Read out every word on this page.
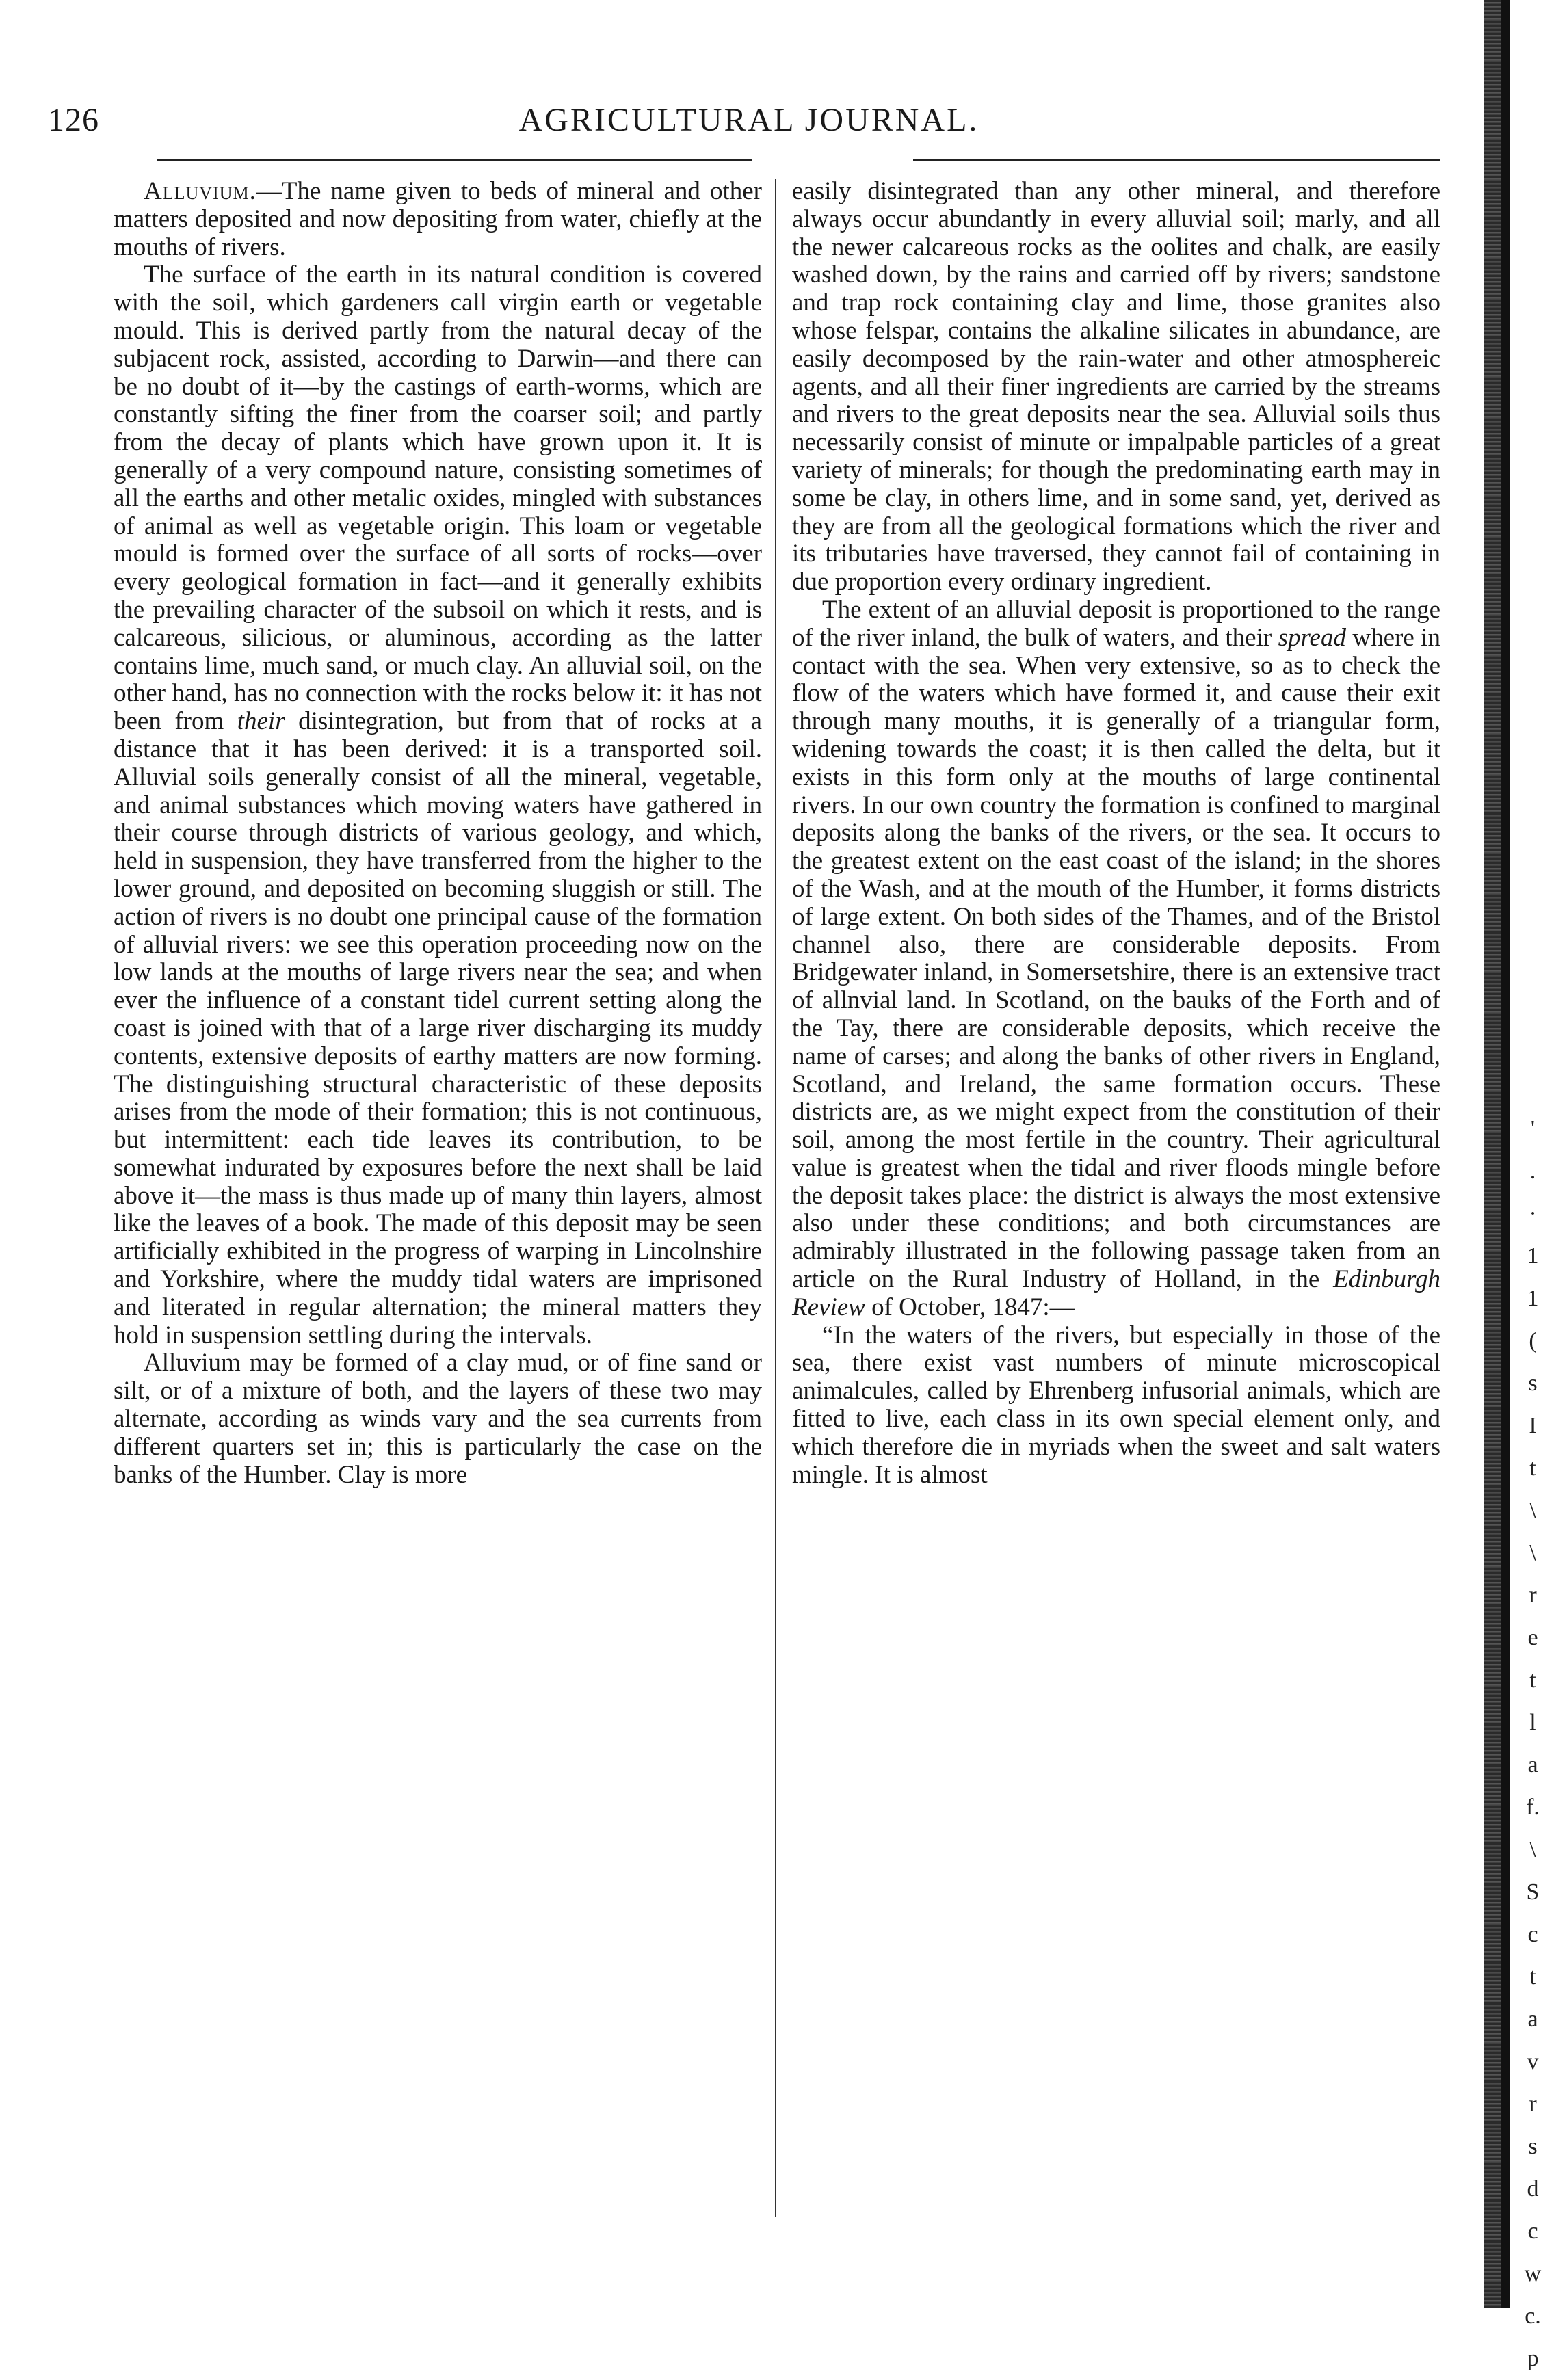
126	AGRICULTURAL JOURNAL.

Alluvium.—The name given to beds of mineral and other matters deposited and now depositing from water, chiefly at the mouths of rivers.

The surface of the earth in its natural condition is covered with the soil, which gardeners call virgin earth or vegetable mould. This is derived partly from the natural decay of the subjacent rock, assisted, according to Darwin—and there can be no doubt of it—by the castings of earth-worms, which are constantly sifting the finer from the coarser soil; and partly from the decay of plants which have grown upon it. It is generally of a very compound nature, consisting sometimes of all the earths and other metalic oxides, mingled with substances of animal as well as vegetable origin. This loam or vegetable mould is formed over the surface of all sorts of rocks—over every geological formation in fact—and it generally exhibits the prevailing character of the subsoil on which it rests, and is calcareous, silicious, or aluminous, according as the latter contains lime, much sand, or much clay. An alluvial soil, on the other hand, has no connection with the rocks below it: it has not been from their disintegration, but from that of rocks at a distance that it has been derived: it is a transported soil. Alluvial soils generally consist of all the mineral, vegetable, and animal substances which moving waters have gathered in their course through districts of various geology, and which, held in suspension, they have transferred from the higher to the lower ground, and deposited on becoming sluggish or still. The action of rivers is no doubt one principal cause of the formation of alluvial rivers: we see this operation proceeding now on the low lands at the mouths of large rivers near the sea; and when ever the influence of a constant tidel current setting along the coast is joined with that of a large river discharging its muddy contents, extensive deposits of earthy matters are now forming. The distinguishing structural characteristic of these deposits arises from the mode of their formation; this is not continuous, but intermittent: each tide leaves its contribution, to be somewhat indurated by exposures before the next shall be laid above it—the mass is thus made up of many thin layers, almost like the leaves of a book. The made of this deposit may be seen artificially exhibited in the progress of warping in Lincolnshire and Yorkshire, where the muddy tidal waters are imprisoned and literated in regular alternation; the mineral matters they hold in suspension settling during the intervals.

Alluvium may be formed of a clay mud, or of fine sand or silt, or of a mixture of both, and the layers of these two may alternate, according as winds vary and the sea currents from different quarters set in; this is particularly the case on the banks of the Humber. Clay is more

easily disintegrated than any other mineral, and therefore always occur abundantly in every alluvial soil; marly, and all the newer calcareous rocks as the oolites and chalk, are easily washed down, by the rains and carried off by rivers; sandstone and trap rock containing clay and lime, those granites also whose felspar, contains the alkaline silicates in abundance, are easily decomposed by the rain-water and other atmosphereic agents, and all their finer ingredients are carried by the streams and rivers to the great deposits near the sea. Alluvial soils thus necessarily consist of minute or impalpable particles of a great variety of minerals; for though the predominating earth may in some be clay, in others lime, and in some sand, yet, derived as they are from all the geological formations which the river and its tributaries have traversed, they cannot fail of containing in due proportion every ordinary ingredient.

The extent of an alluvial deposit is proportioned to the range of the river inland, the bulk of waters, and their spread where in contact with the sea. When very extensive, so as to check the flow of the waters which have formed it, and cause their exit through many mouths, it is generally of a triangular form, widening towards the coast; it is then called the delta, but it exists in this form only at the mouths of large continental rivers. In our own country the formation is confined to marginal deposits along the banks of the rivers, or the sea. It occurs to the greatest extent on the east coast of the island; in the shores of the Wash, and at the mouth of the Humber, it forms districts of large extent. On both sides of the Thames, and of the Bristol channel also, there are considerable deposits. From Bridgewater inland, in Somersetshire, there is an extensive tract of allnvial land. In Scotland, on the bauks of the Forth and of the Tay, there are considerable deposits, which receive the name of carses; and along the banks of other rivers in England, Scotland, and Ireland, the same formation occurs. These districts are, as we might expect from the constitution of their soil, among the most fertile in the country. Their agricultural value is greatest when the tidal and river floods mingle before the deposit takes place: the district is always the most extensive also under these conditions; and both circumstances are admirably illustrated in the following passage taken from an article on the Rural Industry of Holland, in the Edinburgh Review of October, 1847:—

“In the waters of the rivers, but especially in those of the sea, there exist vast numbers of minute microscopical animalcules, called by Ehrenberg infusorial animals, which are fitted to live, each class in its own special element only, and which therefore die in myriads when the sweet and salt waters mingle. It is almost

'
.
·
1
1
(
s
I
t
\
\
r
e
t
l
a
f.
\
S
c
t
a
v
r
s
d
c
w
c.
p
